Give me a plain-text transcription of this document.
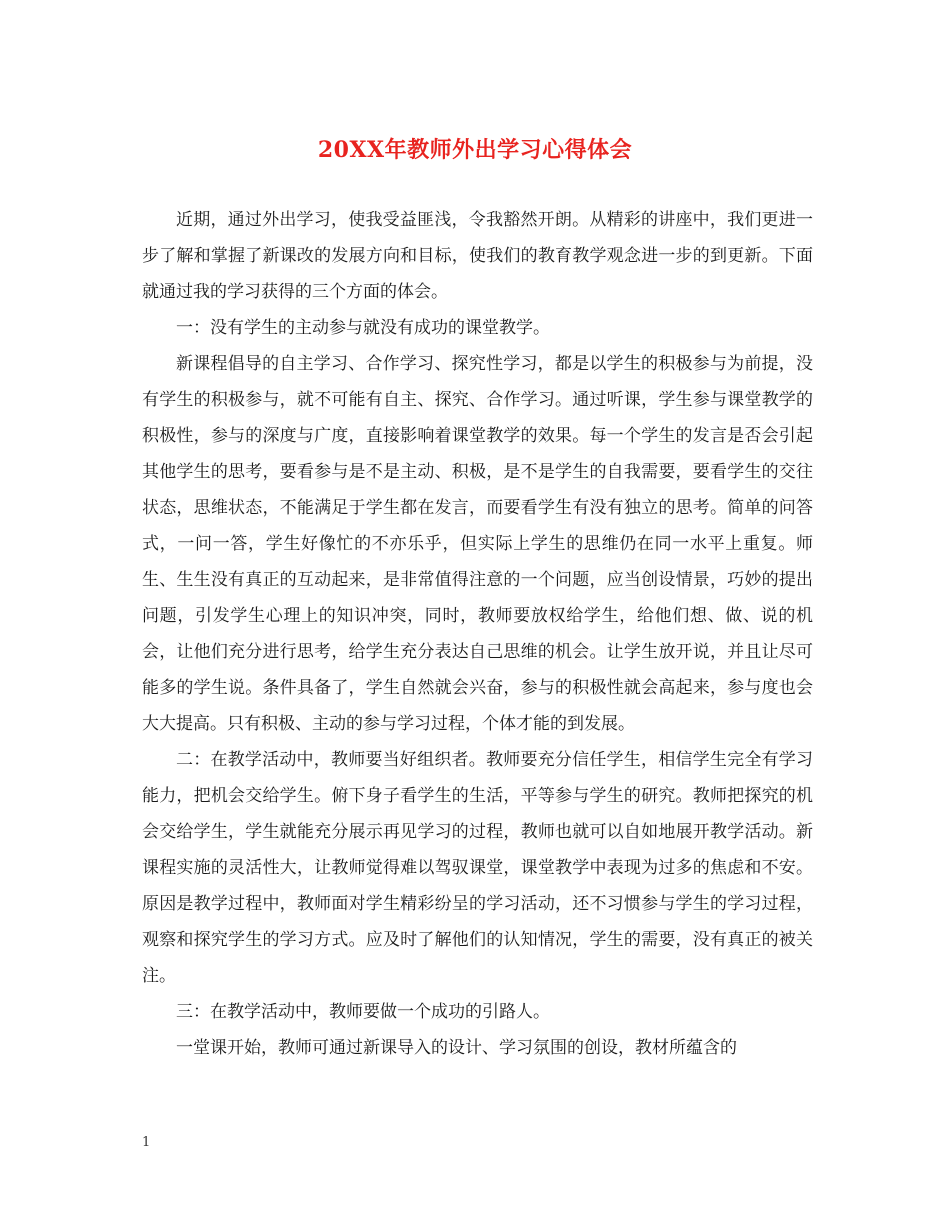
20XX年教师外出学习心得体会

近期，通过外出学习，使我受益匪浅，令我豁然开朗。从精彩的讲座中，我们更进一步了解和掌握了新课改的发展方向和目标，使我们的教育教学观念进一步的到更新。下面就通过我的学习获得的三个方面的体会。

一：没有学生的主动参与就没有成功的课堂教学。

新课程倡导的自主学习、合作学习、探究性学习，都是以学生的积极参与为前提，没有学生的积极参与，就不可能有自主、探究、合作学习。通过听课，学生参与课堂教学的积极性，参与的深度与广度，直接影响着课堂教学的效果。每一个学生的发言是否会引起其他学生的思考，要看参与是不是主动、积极，是不是学生的自我需要，要看学生的交往状态，思维状态，不能满足于学生都在发言，而要看学生有没有独立的思考。简单的问答式，一问一答，学生好像忙的不亦乐乎，但实际上学生的思维仍在同一水平上重复。师生、生生没有真正的互动起来，是非常值得注意的一个问题，应当创设情景，巧妙的提出问题，引发学生心理上的知识冲突，同时，教师要放权给学生，给他们想、做、说的机会，让他们充分进行思考，给学生充分表达自己思维的机会。让学生放开说，并且让尽可能多的学生说。条件具备了，学生自然就会兴奋，参与的积极性就会高起来，参与度也会大大提高。只有积极、主动的参与学习过程，个体才能的到发展。

二：在教学活动中，教师要当好组织者。教师要充分信任学生，相信学生完全有学习能力，把机会交给学生。俯下身子看学生的生活，平等参与学生的研究。教师把探究的机会交给学生，学生就能充分展示再见学习的过程，教师也就可以自如地展开教学活动。新课程实施的灵活性大，让教师觉得难以驾驭课堂，课堂教学中表现为过多的焦虑和不安。原因是教学过程中，教师面对学生精彩纷呈的学习活动，还不习惯参与学生的学习过程，观察和探究学生的学习方式。应及时了解他们的认知情况，学生的需要，没有真正的被关注。

三：在教学活动中，教师要做一个成功的引路人。

一堂课开始，教师可通过新课导入的设计、学习氛围的创设，教材所蕴含的

1
